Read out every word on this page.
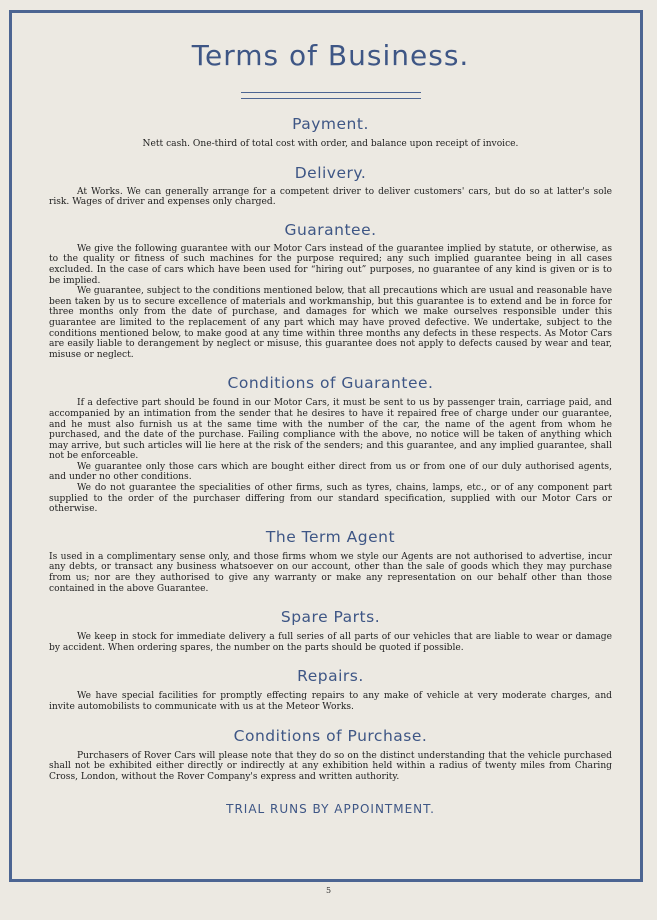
Terms of Business.
Payment.

Nett cash. One-third of total cost with order, and balance upon receipt of invoice.

Delivery.

At Works. We can generally arrange for a competent driver to deliver customers' cars, but do so at latter's sole risk. Wages of driver and expenses only charged.

Guarantee.

We give the following guarantee with our Motor Cars instead of the guarantee implied by statute, or otherwise, as to the quality or fitness of such machines for the purpose required; any such implied guarantee being in all cases excluded. In the case of cars which have been used for “hiring out” purposes, no guarantee of any kind is given or is to be implied.

We guarantee, subject to the conditions mentioned below, that all precautions which are usual and reasonable have been taken by us to secure excellence of materials and workmanship, but this guarantee is to extend and be in force for three months only from the date of purchase, and damages for which we make ourselves responsible under this guarantee are limited to the replacement of any part which may have proved defective. We undertake, subject to the conditions mentioned below, to make good at any time within three months any defects in these respects. As Motor Cars are easily liable to derangement by neglect or misuse, this guarantee does not apply to defects caused by wear and tear, misuse or neglect.

Conditions of Guarantee.

If a defective part should be found in our Motor Cars, it must be sent to us by passenger train, carriage paid, and accompanied by an intimation from the sender that he desires to have it repaired free of charge under our guarantee, and he must also furnish us at the same time with the number of the car, the name of the agent from whom he purchased, and the date of the purchase. Failing compliance with the above, no notice will be taken of anything which may arrive, but such articles will lie here at the risk of the senders; and this guarantee, and any implied guarantee, shall not be enforceable.

We guarantee only those cars which are bought either direct from us or from one of our duly authorised agents, and under no other conditions.

We do not guarantee the specialities of other firms, such as tyres, chains, lamps, etc., or of any component part supplied to the order of the purchaser differing from our standard specification, supplied with our Motor Cars or otherwise.

The Term Agent

Is used in a complimentary sense only, and those firms whom we style our Agents are not authorised to advertise, incur any debts, or transact any business whatsoever on our account, other than the sale of goods which they may purchase from us; nor are they authorised to give any warranty or make any representation on our behalf other than those contained in the above Guarantee.

Spare Parts.

We keep in stock for immediate delivery a full series of all parts of our vehicles that are liable to wear or damage by accident. When ordering spares, the number on the parts should be quoted if possible.

Repairs.

We have special facilities for promptly effecting repairs to any make of vehicle at very moderate charges, and invite automobilists to communicate with us at the Meteor Works.

Conditions of Purchase.

Purchasers of Rover Cars will please note that they do so on the distinct understanding that the vehicle purchased shall not be exhibited either directly or indirectly at any exhibition held within a radius of twenty miles from Charing Cross, London, without the Rover Company's express and written authority.

TRIAL RUNS BY APPOINTMENT.

5
